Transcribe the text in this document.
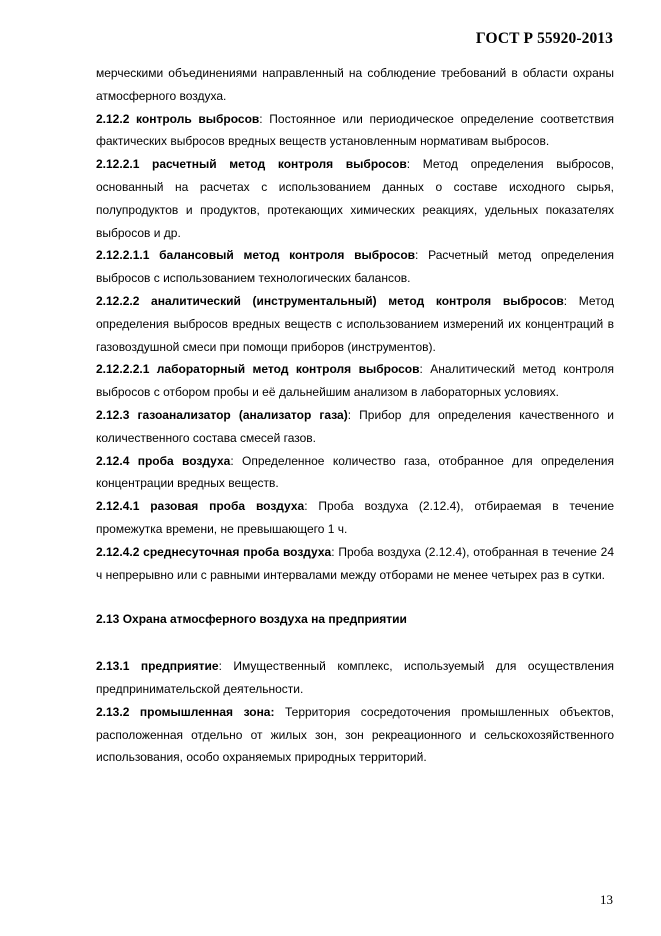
ГОСТ Р 55920-2013

мерческими объединениями направленный на соблюдение требований в области охраны атмосферного воздуха.

2.12.2 контроль выбросов: Постоянное или периодическое определение соответствия фактических выбросов вредных веществ установленным нормативам выбросов.

2.12.2.1 расчетный метод контроля выбросов: Метод определения выбросов, основанный на расчетах с использованием данных о составе исходного сырья, полупродуктов и продуктов, протекающих химических реакциях, удельных показателях выбросов и др.

2.12.2.1.1 балансовый метод контроля выбросов: Расчетный метод определения выбросов с использованием технологических балансов.

2.12.2.2 аналитический (инструментальный) метод контроля выбросов: Метод определения выбросов вредных веществ с использованием измерений их концентраций в газовоздушной смеси при помощи приборов (инструментов).

2.12.2.2.1 лабораторный метод контроля выбросов: Аналитический метод контроля выбросов с отбором пробы и её дальнейшим анализом в лабораторных условиях.

2.12.3 газоанализатор (анализатор газа): Прибор для определения качественного и количественного состава смесей газов.

2.12.4 проба воздуха: Определенное количество газа, отобранное для определения концентрации вредных веществ.

2.12.4.1 разовая проба воздуха: Проба воздуха (2.12.4), отбираемая в течение промежутка времени, не превышающего 1 ч.

2.12.4.2 среднесуточная проба воздуха: Проба воздуха (2.12.4), отобранная в течение 24 ч непрерывно или с равными интервалами между отборами не менее четырех раз в сутки.

2.13 Охрана атмосферного воздуха на предприятии

2.13.1 предприятие: Имущественный комплекс, используемый для осуществления предпринимательской деятельности.

2.13.2 промышленная зона: Территория сосредоточения промышленных объектов, расположенная отдельно от жилых зон, зон рекреационного и сельскохозяйственного использования, особо охраняемых природных территорий.

13
